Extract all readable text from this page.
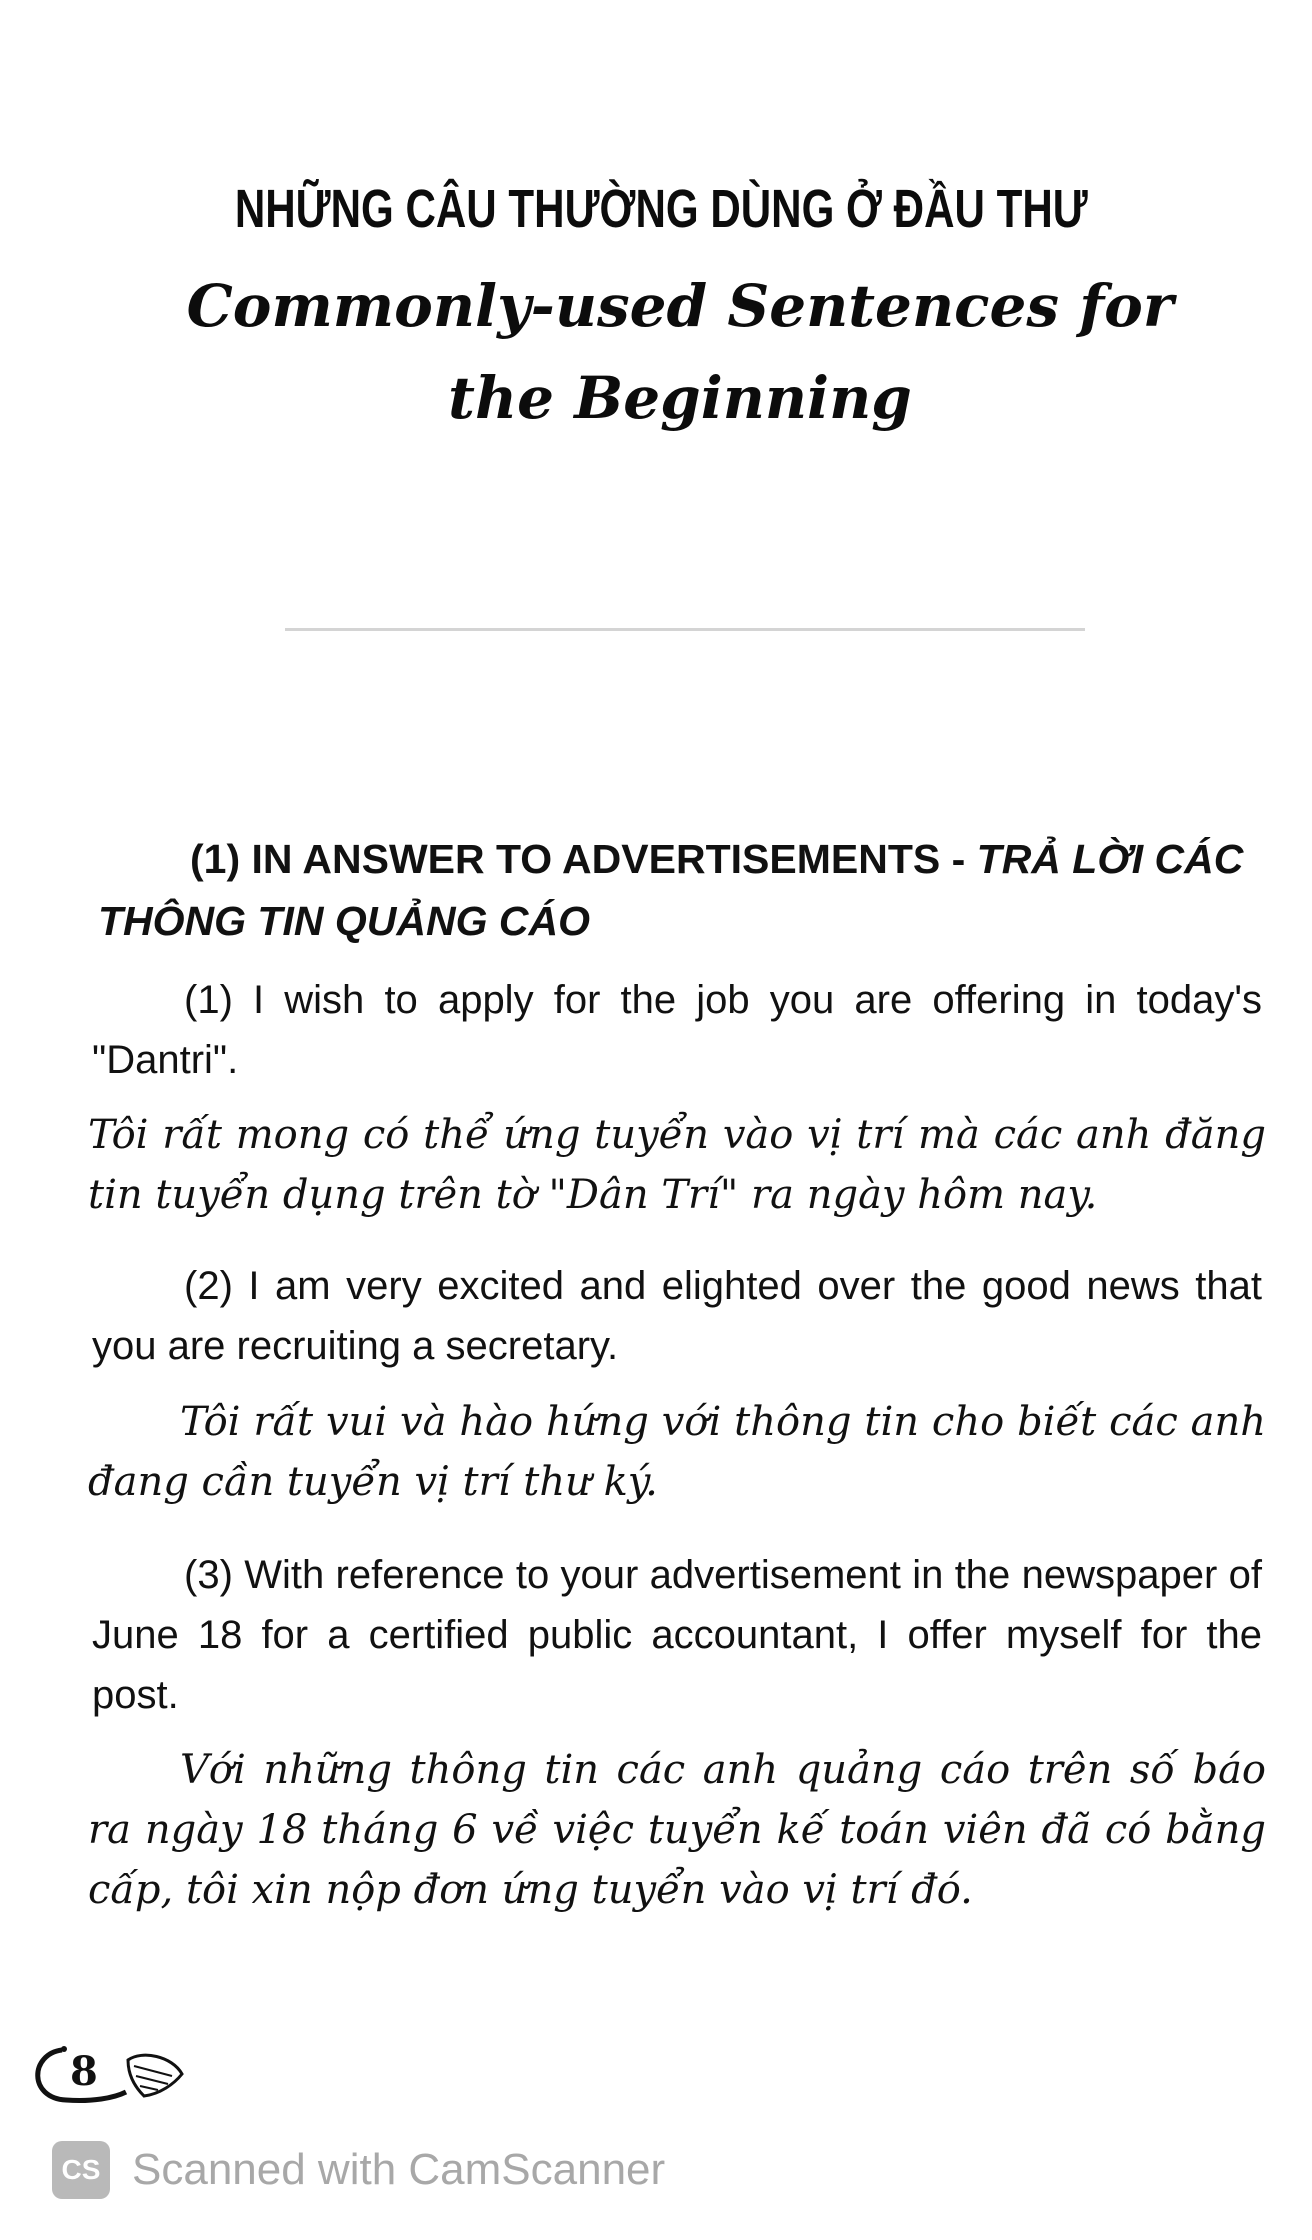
NHỮNG CÂU THƯỜNG DÙNG Ở ĐẦU THƯ
Commonly-used Sentences for the Beginning
(1) IN ANSWER TO ADVERTISEMENTS - TRẢ LỜI CÁC THÔNG TIN QUẢNG CÁO
(1) I wish to apply for the job you are offering in today's "Dantri".
Tôi rất mong có thể ứng tuyển vào vị trí mà các anh đăng tin tuyển dụng trên tờ "Dân Trí" ra ngày hôm nay.
(2) I am very excited and elighted over the good news that you are recruiting a secretary.
Tôi rất vui và hào hứng với thông tin cho biết các anh đang cần tuyển vị trí thư ký.
(3) With reference to your advertisement in the newspaper of June 18 for a certified public accountant, I offer myself for the post.
Với những thông tin các anh quảng cáo trên số báo ra ngày 18 tháng 6 về việc tuyển kế toán viên đã có bằng cấp, tôi xin nộp đơn ứng tuyển vào vị trí đó.
8
CS Scanned with CamScanner
